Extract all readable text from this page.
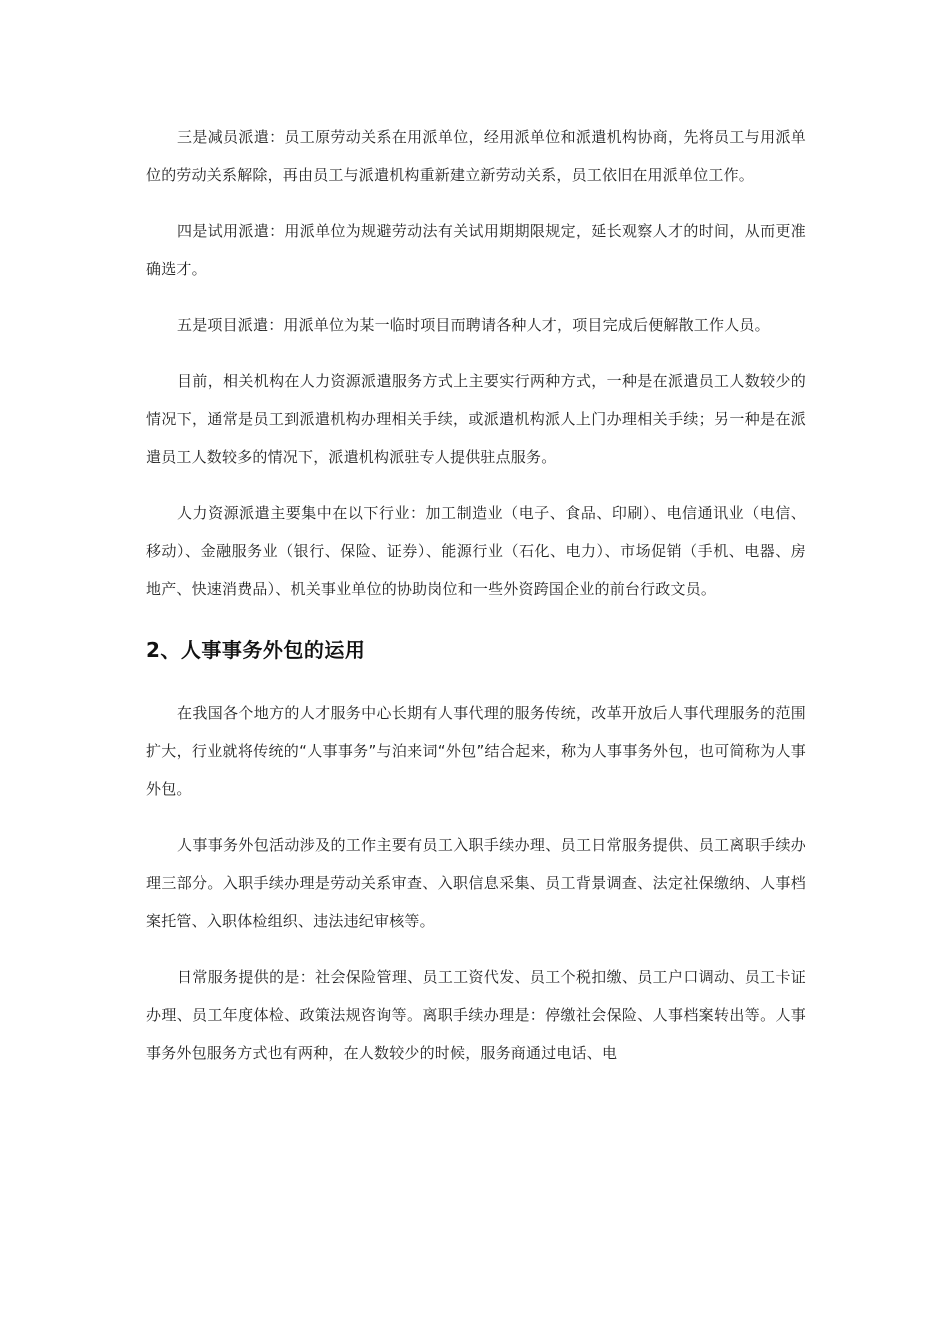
三是减员派遣：员工原劳动关系在用派单位，经用派单位和派遣机构协商，先将员工与用派单位的劳动关系解除，再由员工与派遣机构重新建立新劳动关系，员工依旧在用派单位工作。

四是试用派遣：用派单位为规避劳动法有关试用期期限规定，延长观察人才的时间，从而更准确选才。

五是项目派遣：用派单位为某一临时项目而聘请各种人才，项目完成后便解散工作人员。

目前，相关机构在人力资源派遣服务方式上主要实行两种方式，一种是在派遣员工人数较少的情况下，通常是员工到派遣机构办理相关手续，或派遣机构派人上门办理相关手续；另一种是在派遣员工人数较多的情况下，派遣机构派驻专人提供驻点服务。

人力资源派遣主要集中在以下行业：加工制造业（电子、食品、印刷）、电信通讯业（电信、移动）、金融服务业（银行、保险、证券）、能源行业（石化、电力）、市场促销（手机、电器、房地产、快速消费品）、机关事业单位的协助岗位和一些外资跨国企业的前台行政文员。

2、人事事务外包的运用

在我国各个地方的人才服务中心长期有人事代理的服务传统，改革开放后人事代理服务的范围扩大，行业就将传统的“人事事务”与泊来词“外包”结合起来，称为人事事务外包，也可简称为人事外包。

人事事务外包活动涉及的工作主要有员工入职手续办理、员工日常服务提供、员工离职手续办理三部分。入职手续办理是劳动关系审查、入职信息采集、员工背景调查、法定社保缴纳、人事档案托管、入职体检组织、违法违纪审核等。

日常服务提供的是：社会保险管理、员工工资代发、员工个税扣缴、员工户口调动、员工卡证办理、员工年度体检、政策法规咨询等。离职手续办理是：停缴社会保险、人事档案转出等。人事事务外包服务方式也有两种，在人数较少的时候，服务商通过电话、电
